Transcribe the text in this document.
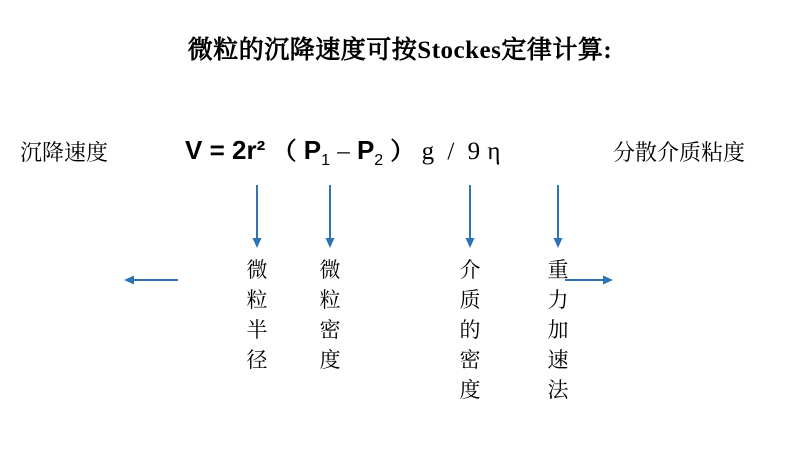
微粒的沉降速度可按Stockes定律计算:
沉降速度	V = 2r² （ $P_1 - P_2$ ） g / 9 η	分散介质粘度
微
粒
半
径
微
粒
密
度
介
质
的
密
度
重
力
加
速
法
